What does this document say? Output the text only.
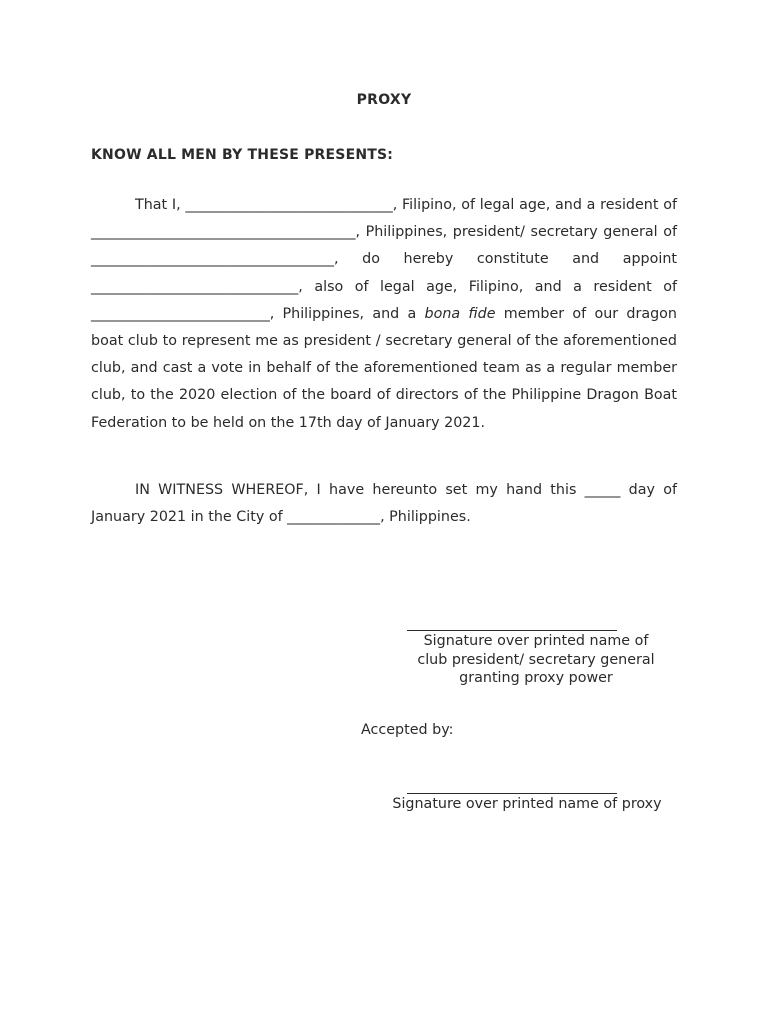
PROXY
KNOW ALL MEN BY THESE PRESENTS:
That I, _____________________________, Filipino, of legal age, and a resident of _____________________________________, Philippines, president/ secretary general of __________________________________, do hereby constitute and appoint _____________________________, also of legal age, Filipino, and a resident of _________________________, Philippines, and a bona fide member of our dragon boat club to represent me as president / secretary general of the aforementioned club, and cast a vote in behalf of the aforementioned team as a regular member club, to the 2020 election of the board of directors of the Philippine Dragon Boat Federation to be held on the 17th day of January 2021.
IN WITNESS WHEREOF, I have hereunto set my hand this _____ day of January 2021 in the City of _____________, Philippines.
Signature over printed name of
club president/ secretary general
granting proxy power
Accepted by:
Signature over printed name of proxy
